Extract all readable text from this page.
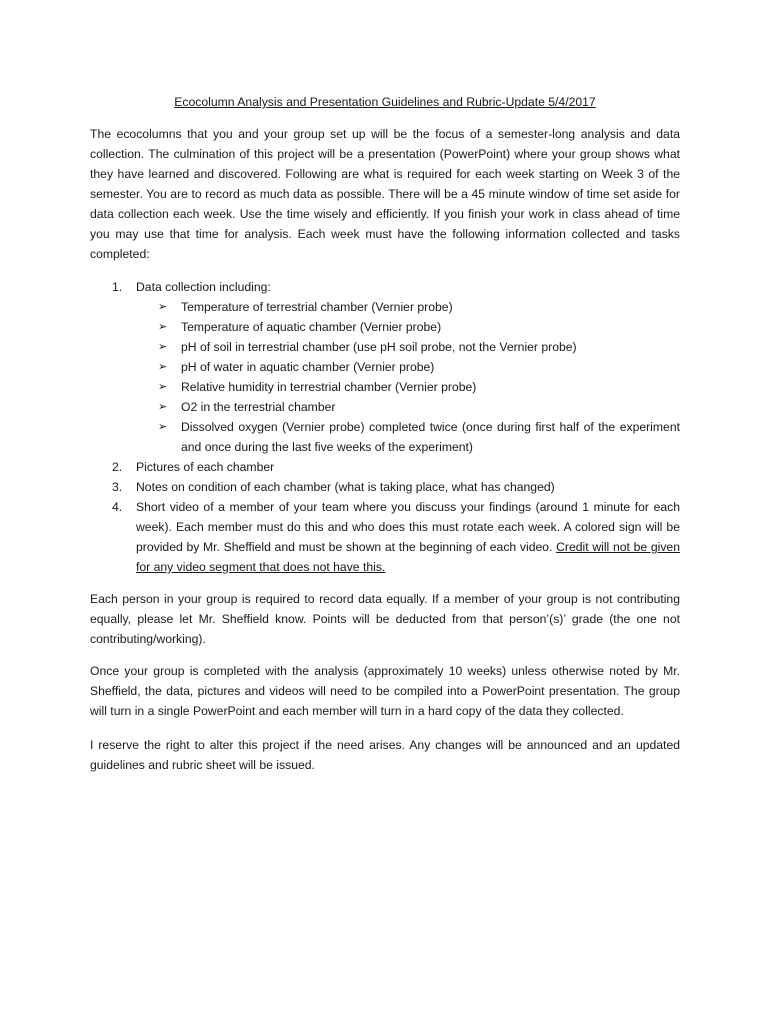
Ecocolumn Analysis and Presentation Guidelines and Rubric-Update 5/4/2017

The ecocolumns that you and your group set up will be the focus of a semester-long analysis and data collection. The culmination of this project will be a presentation (PowerPoint) where your group shows what they have learned and discovered. Following are what is required for each week starting on Week 3 of the semester. You are to record as much data as possible. There will be a 45 minute window of time set aside for data collection each week. Use the time wisely and efficiently. If you finish your work in class ahead of time you may use that time for analysis. Each week must have the following information collected and tasks completed:

1. Data collection including:
➢ Temperature of terrestrial chamber (Vernier probe)
➢ Temperature of aquatic chamber (Vernier probe)
➢ pH of soil in terrestrial chamber (use pH soil probe, not the Vernier probe)
➢ pH of water in aquatic chamber (Vernier probe)
➢ Relative humidity in terrestrial chamber (Vernier probe)
➢ O2 in the terrestrial chamber
➢ Dissolved oxygen (Vernier probe) completed twice (once during first half of the experiment and once during the last five weeks of the experiment)
2. Pictures of each chamber
3. Notes on condition of each chamber (what is taking place, what has changed)
4. Short video of a member of your team where you discuss your findings (around 1 minute for each week). Each member must do this and who does this must rotate each week. A colored sign will be provided by Mr. Sheffield and must be shown at the beginning of each video. Credit will not be given for any video segment that does not have this.

Each person in your group is required to record data equally. If a member of your group is not contributing equally, please let Mr. Sheffield know. Points will be deducted from that person’(s)’ grade (the one not contributing/working).

Once your group is completed with the analysis (approximately 10 weeks) unless otherwise noted by Mr. Sheffield, the data, pictures and videos will need to be compiled into a PowerPoint presentation. The group will turn in a single PowerPoint and each member will turn in a hard copy of the data they collected.

I reserve the right to alter this project if the need arises. Any changes will be announced and an updated guidelines and rubric sheet will be issued.
